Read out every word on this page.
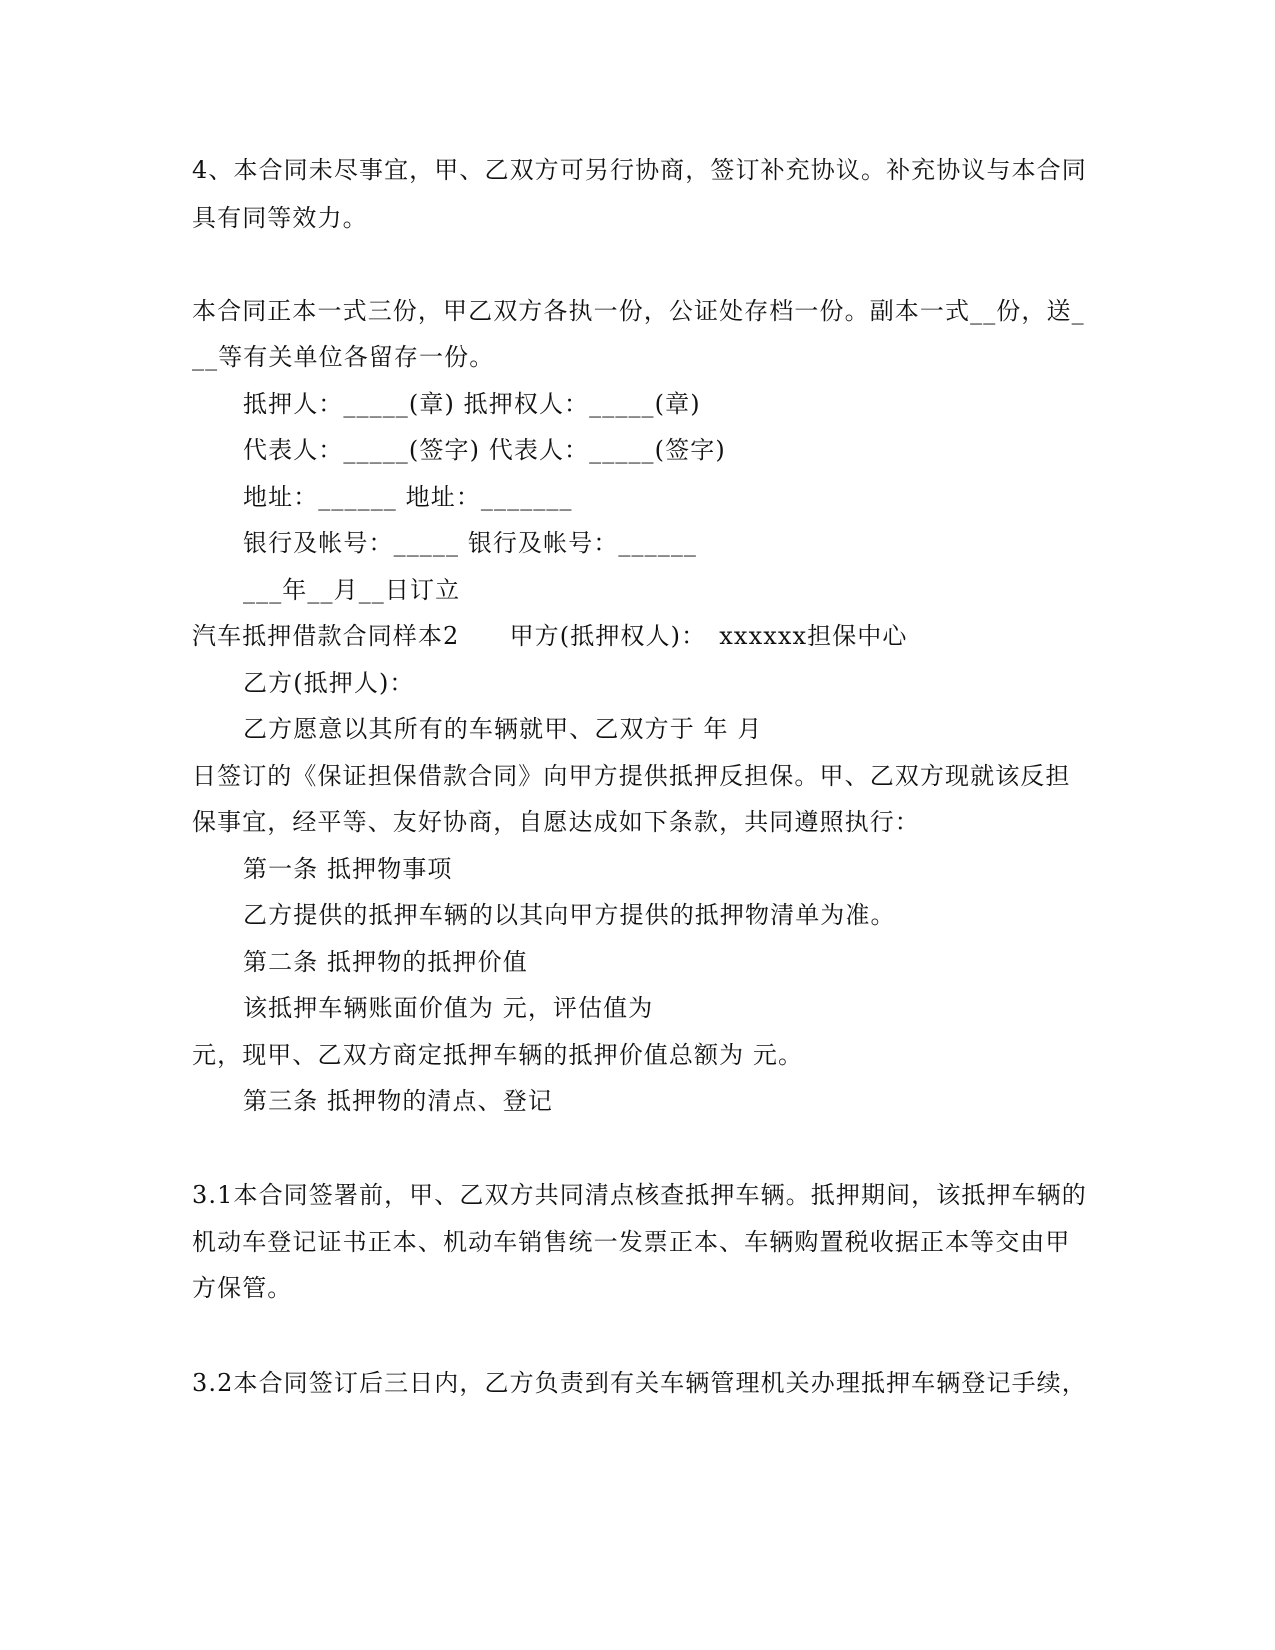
4、本合同未尽事宜，甲、乙双方可另行协商，签订补充协议。补充协议与本合同
具有同等效力。
本合同正本一式三份，甲乙双方各执一份，公证处存档一份。副本一式__份，送_
__等有关单位各留存一份。
抵押人：_____(章) 抵押权人：_____(章)
代表人：_____(签字) 代表人：_____(签字)
地址：______ 地址：_______
银行及帐号：_____ 银行及帐号：______
___年__月__日订立
汽车抵押借款合同样本2　　甲方(抵押权人)：　xxxxxx担保中心
乙方(抵押人)：
乙方愿意以其所有的车辆就甲、乙双方于 年 月
日签订的《保证担保借款合同》向甲方提供抵押反担保。甲、乙双方现就该反担
保事宜，经平等、友好协商，自愿达成如下条款，共同遵照执行：
第一条 抵押物事项
乙方提供的抵押车辆的以其向甲方提供的抵押物清单为准。
第二条 抵押物的抵押价值
该抵押车辆账面价值为 元，评估值为
元，现甲、乙双方商定抵押车辆的抵押价值总额为 元。
第三条 抵押物的清点、登记
3.1本合同签署前，甲、乙双方共同清点核查抵押车辆。抵押期间，该抵押车辆的
机动车登记证书正本、机动车销售统一发票正本、车辆购置税收据正本等交由甲
方保管。
3.2本合同签订后三日内，乙方负责到有关车辆管理机关办理抵押车辆登记手续，
